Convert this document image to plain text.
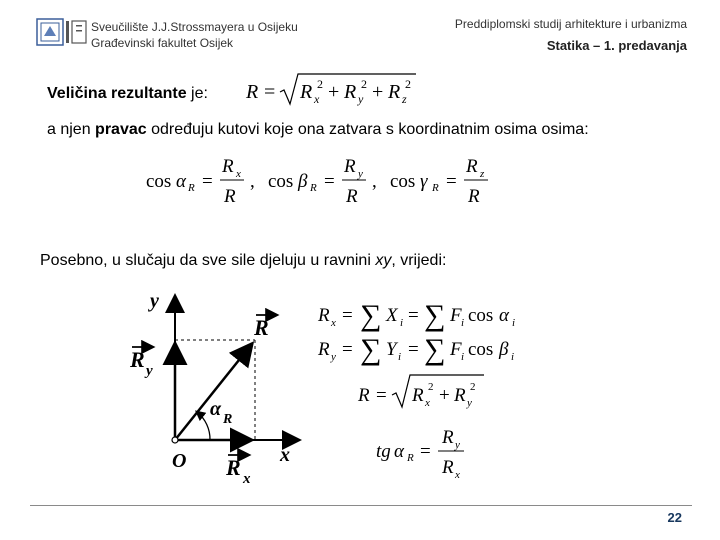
Sveučilište J.J.Strossmayera u Osijeku
Građevinski fakultet Osijek
Preddiplomski studij arhitekture i urbanizma
Statika – 1. predavanja
Veličina rezultante je: R = R x
2 + R y
2 + R z
2
a njen pravac određuju kutovi koje ona zatvara s koordinatnim osima osima:
cos α R =
R x
R
, cos β R =
R y
R
, cos γ R =
R z
R
Posebno, u slučaju da sve sile djeluju u ravnini xy, vrijedi:
y
x
O
R
R y
R x
α R
R x = ∑ X i = ∑ F i cos α i
R y = ∑ Y i = ∑ F i cos β i
R = R x
2 + R y
2
tg α R =
R y
R x
22
